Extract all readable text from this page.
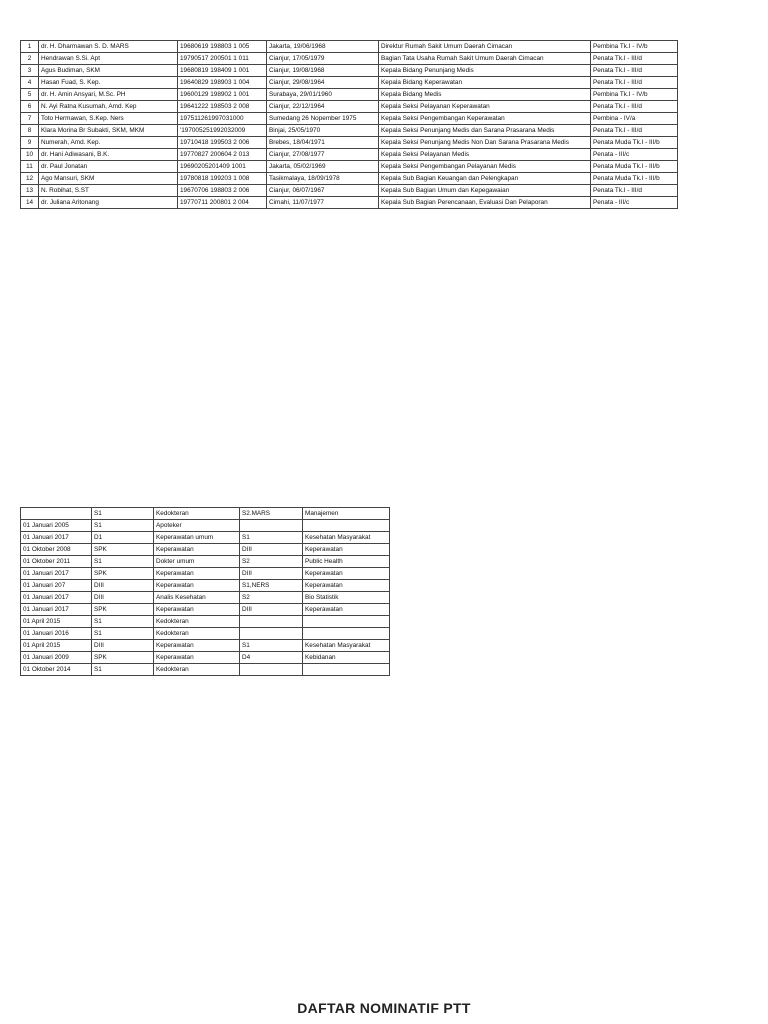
1	dr. H. Dharmawan S. D. MARS	19680619 198803 1 005	Jakarta, 19/06/1968	Direktur Rumah Sakit Umum Daerah Cimacan	Pembina Tk.I - IV/b
2	Hendrawan S.Si. Apt	19790517 200501 1 011	Cianjur, 17/05/1979	Bagian Tata Usaha Rumah Sakit Umum Daerah Cimacan	Penata Tk.I - III/d
3	Agus Budiman, SKM	19680819 198409 1 001	Cianjur, 19/08/1968	Kepala Bidang Penunjang Medis	Penata Tk.I - III/d
4	Hasan Fuad, S. Kep.	19640829 198903 1 004	Cianjur, 29/08/1964	Kepala Bidang Keperawatan	Penata Tk.I - III/d
5	dr. H. Amin Ansyari, M.Sc. PH	19600129 198902 1 001	Surabaya, 29/01/1960	Kepala Bidang Medis	Pembina Tk.I - IV/b
6	N. Ayi Ratna Kusumah, Amd. Kep	19641222 198503 2 008	Cianjur, 22/12/1964	Kepala Seksi Pelayanan Keperawatan	Penata Tk.I - III/d
7	Toto Hermawan, S.Kep. Ners	197511261997031000	Sumedang 26 Nopember 1975	Kepala Seksi Pengembangan Keperawatan	Pembina - IV/a
8	Klara Morina Br Subakti, SKM, MKM	'197005251992032009	Binjai, 25/05/1970	Kepala Seksi Penunjang Medis dan Sarana Prasarana Medis	Penata Tk.I - III/d
9	Numerah, Amd. Kep.	19710418 199503 2 006	Brebes, 18/04/1971	Kepala Seksi Penunjang Medis Non Dan Sarana Prasarana Medis	Penata Muda Tk.I - III/b
10	dr. Hani Adiwasani, B.K.	19770827 200604 2 013	Cianjur, 27/08/1977	Kepala Seksi Pelayanan Medis	Penata - III/c
11	dr. Paul Jonatan	19690205201409 1001	Jakarta, 05/02/1969	Kepala Seksi Pengembangan Pelayanan Medis	Penata Muda Tk.I - III/b
12	Ago Mansuri, SKM	19780818 199203 1 008	Tasikmalaya, 18/09/1978	Kepala Sub Bagian Keuangan dan Pelengkapan	Penata Muda Tk.I - III/b
13	N. Robihat, S.ST	19670706 198803 2 006	Cianjur, 06/07/1967	Kepala Sub Bagian Umum dan Kepegawaian	Penata Tk.I - III/d
14	dr. Juliana Aritonang	19770711 200801 2 004	Cimahi, 11/07/1977	Kepala Sub Bagian Perencanaan, Evaluasi Dan Pelaporan	Penata - III/c
	S1	Kedokteran	S2.MARS	Manajemen
01 Januari 2005	S1	Apoteker		
01 Januari 2017	D1	Keperawatan umum	S1	Kesehatan Masyarakat
01 Oktober 2008	SPK	Keperawatan	DIII	Keperawatan
01 Oktober 2011	S1	Dokter umum	S2	Public Health
01 Januari 2017	SPK	Keperawatan	DIII	Keperawatan
01 Januari 207	DIII	Keperawatan	S1,NERS	Keperawatan
01 Januari 2017	DIII	Analis Kesehatan	S2	Bio Statistik
01 Januari 2017	SPK	Keperawatan	DIII	Keperawatan
01 April 2015	S1	Kedokteran		
01 Januari 2016	S1	Kedokteran		
01 April 2015	DIII	Keperawatan	S1	Kesehatan Masyarakat
01 Januari 2009	SPK	Keperawatan	D4	Kebidanan
01 Oktober 2014	S1	Kedokteran		
DAFTAR NOMINATIF PTT
